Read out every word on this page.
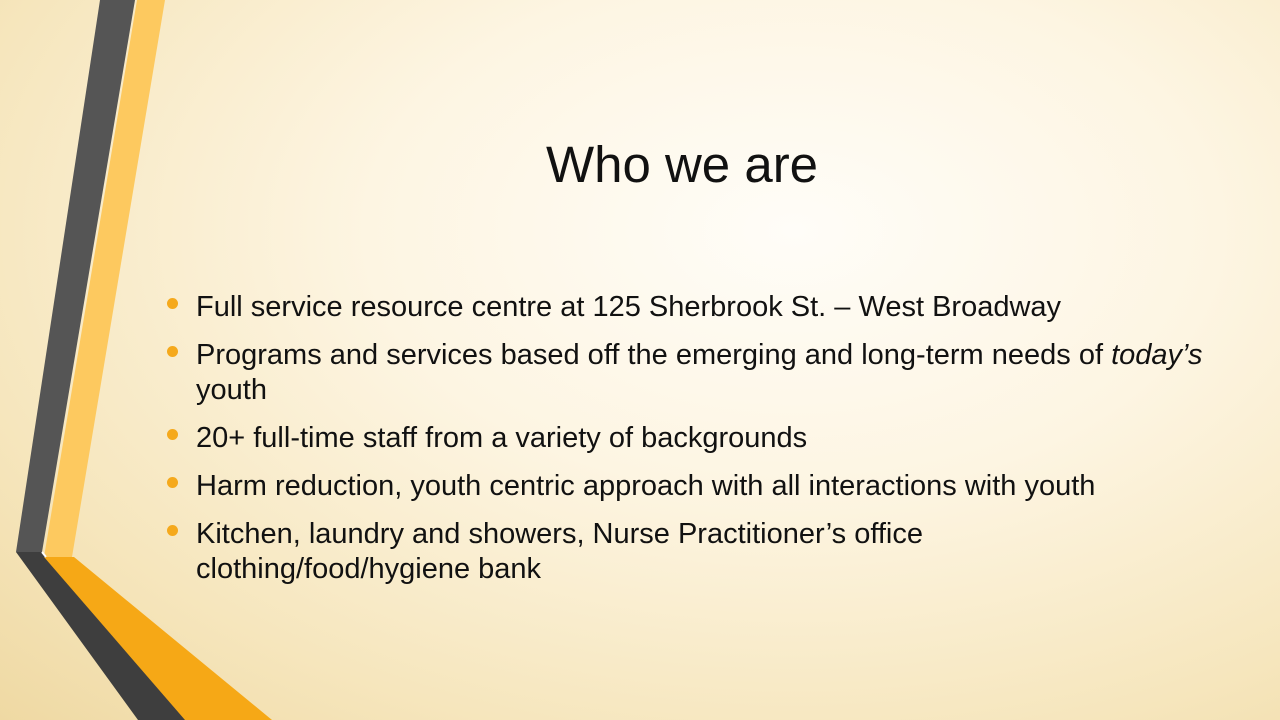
Who we are
Full service resource centre at 125 Sherbrook St. – West Broadway
Programs and services based off the emerging and long-term needs of today’s youth
20+ full-time staff from a variety of backgrounds
Harm reduction, youth centric approach with all interactions with youth
Kitchen, laundry and showers, Nurse Practitioner’s office clothing/food/hygiene bank
